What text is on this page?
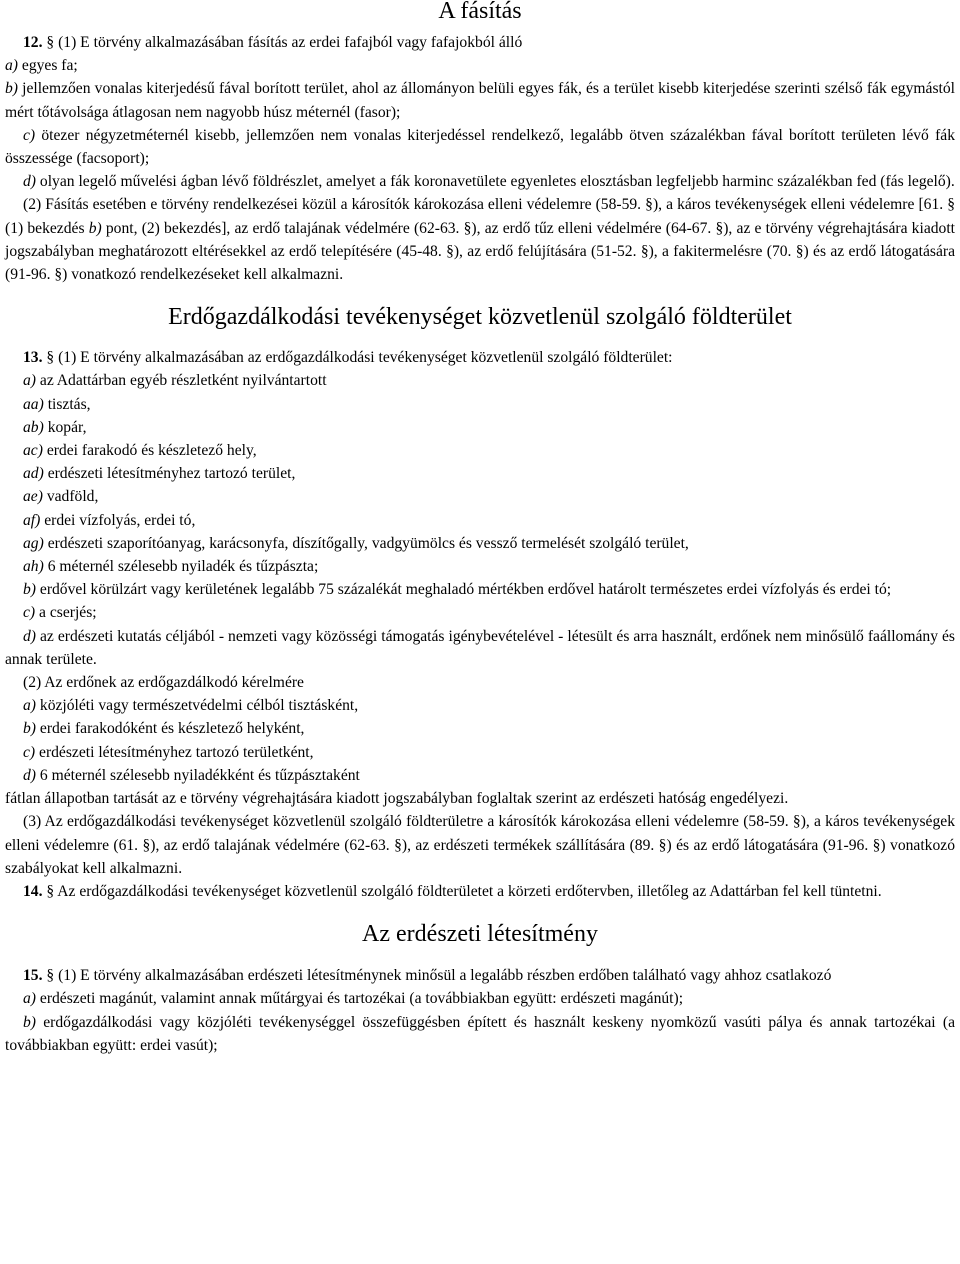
A fásítás

12. § (1) E törvény alkalmazásában fásítás az erdei fafajból vagy fafajokból álló

a) egyes fa;

b) jellemzően vonalas kiterjedésű fával borított terület, ahol az állományon belüli egyes fák, és a terület kisebb kiterjedése szerinti szélső fák egymástól mért tőtávolsága átlagosan nem nagyobb húsz méternél (fasor);

c) ötezer négyzetméternél kisebb, jellemzően nem vonalas kiterjedéssel rendelkező, legalább ötven százalékban fával borított területen lévő fák összessége (facsoport);

d) olyan legelő művelési ágban lévő földrészlet, amelyet a fák koronavetülete egyenletes elosztásban legfeljebb harminc százalékban fed (fás legelő).

(2) Fásítás esetében e törvény rendelkezései közül a károsítók károkozása elleni védelemre (58-59. §), a káros tevékenységek elleni védelemre [61. § (1) bekezdés b) pont, (2) bekezdés], az erdő talajának védelmére (62-63. §), az erdő tűz elleni védelmére (64-67. §), az e törvény végrehajtására kiadott jogszabályban meghatározott eltérésekkel az erdő telepítésére (45-48. §), az erdő felújítására (51-52. §), a fakitermelésre (70. §) és az erdő látogatására (91-96. §) vonatkozó rendelkezéseket kell alkalmazni.

Erdőgazdálkodási tevékenységet közvetlenül szolgáló földterület

13. § (1) E törvény alkalmazásában az erdőgazdálkodási tevékenységet közvetlenül szolgáló földterület:

a) az Adattárban egyéb részletként nyilvántartott

aa) tisztás,

ab) kopár,

ac) erdei farakodó és készletező hely,

ad) erdészeti létesítményhez tartozó terület,

ae) vadföld,

af) erdei vízfolyás, erdei tó,

ag) erdészeti szaporítóanyag, karácsonyfa, díszítőgally, vadgyümölcs és vessző termelését szolgáló terület,

ah) 6 méternél szélesebb nyiladék és tűzpászta;

b) erdővel körülzárt vagy kerületének legalább 75 százalékát meghaladó mértékben erdővel határolt természetes erdei vízfolyás és erdei tó;

c) a cserjés;

d) az erdészeti kutatás céljából - nemzeti vagy közösségi támogatás igénybevételével - létesült és arra használt, erdőnek nem minősülő faállomány és annak területe.

(2) Az erdőnek az erdőgazdálkodó kérelmére

a) közjóléti vagy természetvédelmi célból tisztásként,

b) erdei farakodóként és készletező helyként,

c) erdészeti létesítményhez tartozó területként,

d) 6 méternél szélesebb nyiladékként és tűzpásztaként

fátlan állapotban tartását az e törvény végrehajtására kiadott jogszabályban foglaltak szerint az erdészeti hatóság engedélyezi.

(3) Az erdőgazdálkodási tevékenységet közvetlenül szolgáló földterületre a károsítók károkozása elleni védelemre (58-59. §), a káros tevékenységek elleni védelemre (61. §), az erdő talajának védelmére (62-63. §), az erdészeti termékek szállítására (89. §) és az erdő látogatására (91-96. §) vonatkozó szabályokat kell alkalmazni.

14. § Az erdőgazdálkodási tevékenységet közvetlenül szolgáló földterületet a körzeti erdőtervben, illetőleg az Adattárban fel kell tüntetni.

Az erdészeti létesítmény

15. § (1) E törvény alkalmazásában erdészeti létesítménynek minősül a legalább részben erdőben található vagy ahhoz csatlakozó

a) erdészeti magánút, valamint annak műtárgyai és tartozékai (a továbbiakban együtt: erdészeti magánút);

b) erdőgazdálkodási vagy közjóléti tevékenységgel összefüggésben épített és használt keskeny nyomközű vasúti pálya és annak tartozékai (a továbbiakban együtt: erdei vasút);
